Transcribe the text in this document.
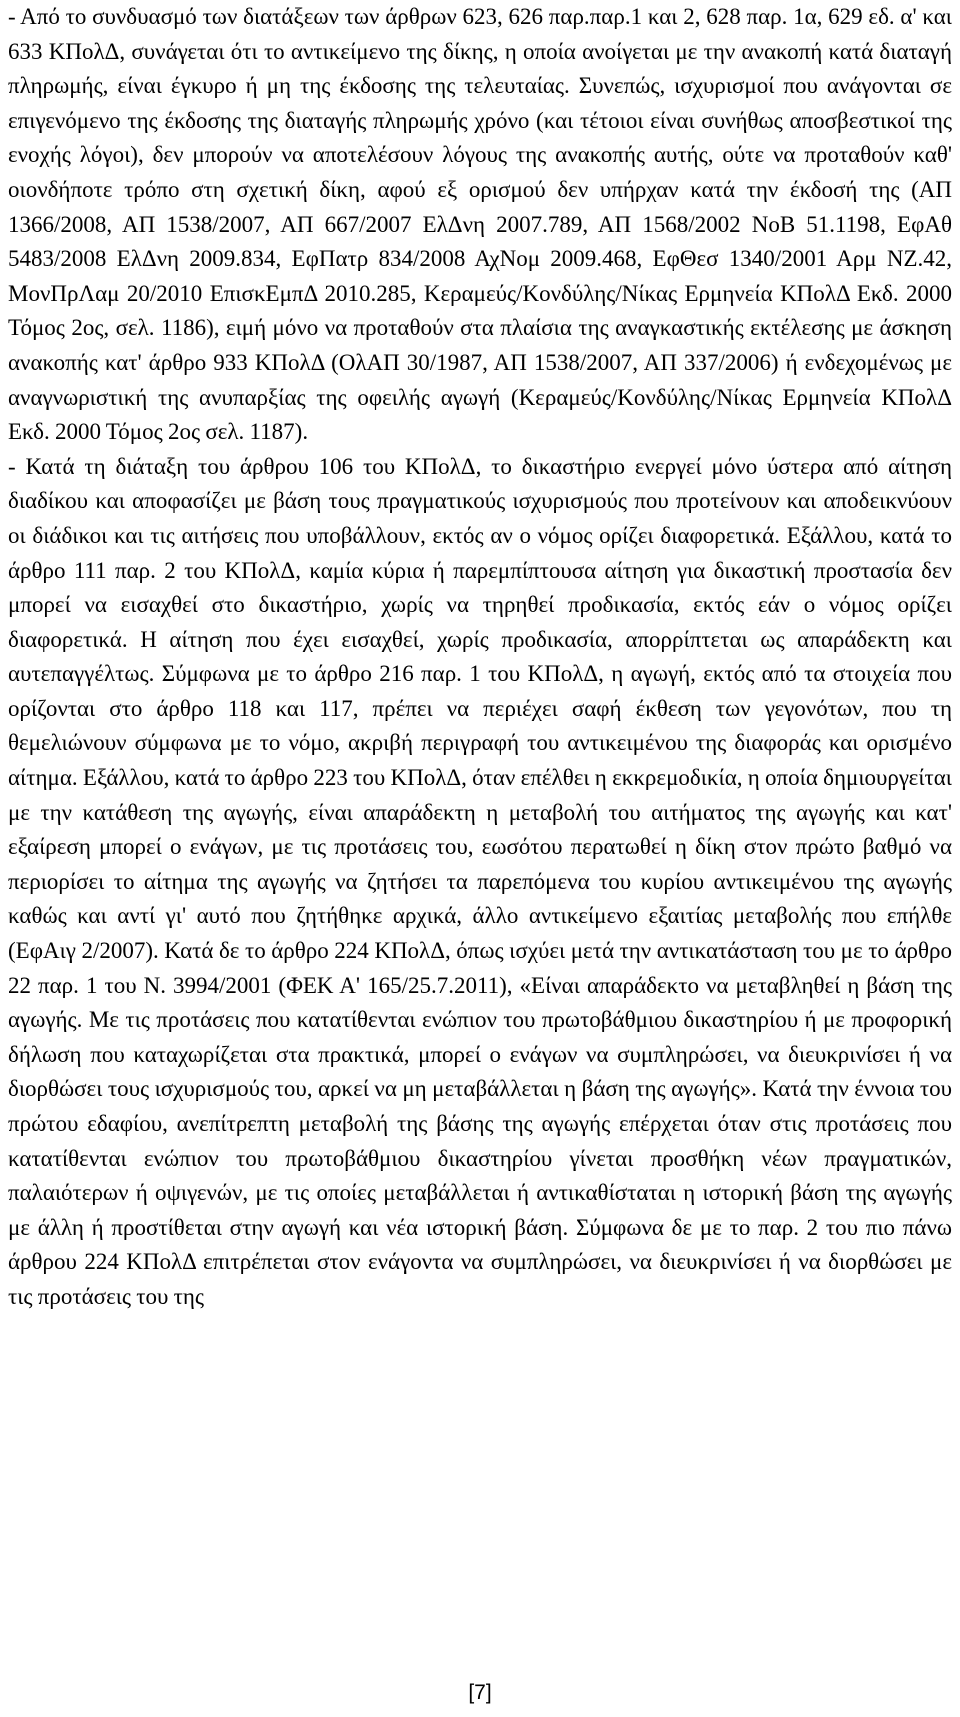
- Από το συνδυασμό των διατάξεων των άρθρων 623, 626 παρ.παρ.1 και 2, 628 παρ. 1α, 629 εδ. α' και 633 ΚΠολΔ, συνάγεται ότι το αντικείμενο της δίκης, η οποία ανοίγεται με την ανακοπή κατά διαταγή πληρωμής, είναι έγκυρο ή μη της έκδοσης της τελευταίας. Συνεπώς, ισχυρισμοί που ανάγονται σε επιγενόμενο της έκδοσης της διαταγής πληρωμής χρόνο (και τέτοιοι είναι συνήθως αποσβεστικοί της ενοχής λόγοι), δεν μπορούν να αποτελέσουν λόγους της ανακοπής αυτής, ούτε να προταθούν καθ' οιονδήποτε τρόπο στη σχετική δίκη, αφού εξ ορισμού δεν υπήρχαν κατά την έκδοσή της (ΑΠ 1366/2008, ΑΠ 1538/2007, ΑΠ 667/2007 ΕλΔνη 2007.789, ΑΠ 1568/2002 ΝοΒ 51.1198, ΕφΑθ 5483/2008 ΕλΔνη 2009.834, ΕφΠατρ 834/2008 ΑχΝομ 2009.468, ΕφΘεσ 1340/2001 Αρμ ΝΖ.42, ΜονΠρΛαμ 20/2010 ΕπισκΕμπΔ 2010.285, Κεραμεύς/Κονδύλης/Νίκας Ερμηνεία ΚΠολΔ Εκδ. 2000 Τόμος 2ος, σελ. 1186), ειμή μόνο να προταθούν στα πλαίσια της αναγκαστικής εκτέλεσης με άσκηση ανακοπής κατ' άρθρο 933 ΚΠολΔ (ΟλΑΠ 30/1987, ΑΠ 1538/2007, ΑΠ 337/2006) ή ενδεχομένως με αναγνωριστική της ανυπαρξίας της οφειλής αγωγή (Κεραμεύς/Κονδύλης/Νίκας Ερμηνεία ΚΠολΔ Εκδ. 2000 Τόμος 2ος σελ. 1187).

- Κατά τη διάταξη του άρθρου 106 του ΚΠολΔ, το δικαστήριο ενεργεί μόνο ύστερα από αίτηση διαδίκου και αποφασίζει με βάση τους πραγματικούς ισχυρισμούς που προτείνουν και αποδεικνύουν οι διάδικοι και τις αιτήσεις που υποβάλλουν, εκτός αν ο νόμος ορίζει διαφορετικά. Εξάλλου, κατά το άρθρο 111 παρ. 2 του ΚΠολΔ, καμία κύρια ή παρεμπίπτουσα αίτηση για δικαστική προστασία δεν μπορεί να εισαχθεί στο δικαστήριο, χωρίς να τηρηθεί προδικασία, εκτός εάν ο νόμος ορίζει διαφορετικά. Η αίτηση που έχει εισαχθεί, χωρίς προδικασία, απορρίπτεται ως απαράδεκτη και αυτεπαγγέλτως. Σύμφωνα με το άρθρο 216 παρ. 1 του ΚΠολΔ, η αγωγή, εκτός από τα στοιχεία που ορίζονται στο άρθρο 118 και 117, πρέπει να περιέχει σαφή έκθεση των γεγονότων, που τη θεμελιώνουν σύμφωνα με το νόμο, ακριβή περιγραφή του αντικειμένου της διαφοράς και ορισμένο αίτημα. Εξάλλου, κατά το άρθρο 223 του ΚΠολΔ, όταν επέλθει η εκκρεμοδικία, η οποία δημιουργείται με την κατάθεση της αγωγής, είναι απαράδεκτη η μεταβολή του αιτήματος της αγωγής και κατ' εξαίρεση μπορεί ο ενάγων, με τις προτάσεις του, εωσότου περατωθεί η δίκη στον πρώτο βαθμό να περιορίσει το αίτημα της αγωγής να ζητήσει τα παρεπόμενα του κυρίου αντικειμένου της αγωγής καθώς και αντί γι' αυτό που ζητήθηκε αρχικά, άλλο αντικείμενο εξαιτίας μεταβολής που επήλθε (ΕφΑιγ 2/2007). Κατά δε το άρθρο 224 ΚΠολΔ, όπως ισχύει μετά την αντικατάσταση του με το άρθρο 22 παρ. 1 του Ν. 3994/2001 (ΦΕΚ Α' 165/25.7.2011), «Είναι απαράδεκτο να μεταβληθεί η βάση της αγωγής. Με τις προτάσεις που κατατίθενται ενώπιον του πρωτοβάθμιου δικαστηρίου ή με προφορική δήλωση που καταχωρίζεται στα πρακτικά, μπορεί ο ενάγων να συμπληρώσει, να διευκρινίσει ή να διορθώσει τους ισχυρισμούς του, αρκεί να μη μεταβάλλεται η βάση της αγωγής». Κατά την έννοια του πρώτου εδαφίου, ανεπίτρεπτη μεταβολή της βάσης της αγωγής επέρχεται όταν στις προτάσεις που κατατίθενται ενώπιον του πρωτοβάθμιου δικαστηρίου γίνεται προσθήκη νέων πραγματικών, παλαιότερων ή οψιγενών, με τις οποίες μεταβάλλεται ή αντικαθίσταται η ιστορική βάση της αγωγής με άλλη ή προστίθεται στην αγωγή και νέα ιστορική βάση. Σύμφωνα δε με το παρ. 2 του πιο πάνω άρθρου 224 ΚΠολΔ επιτρέπεται στον ενάγοντα να συμπληρώσει, να διευκρινίσει ή να διορθώσει με τις προτάσεις του της

[7]
